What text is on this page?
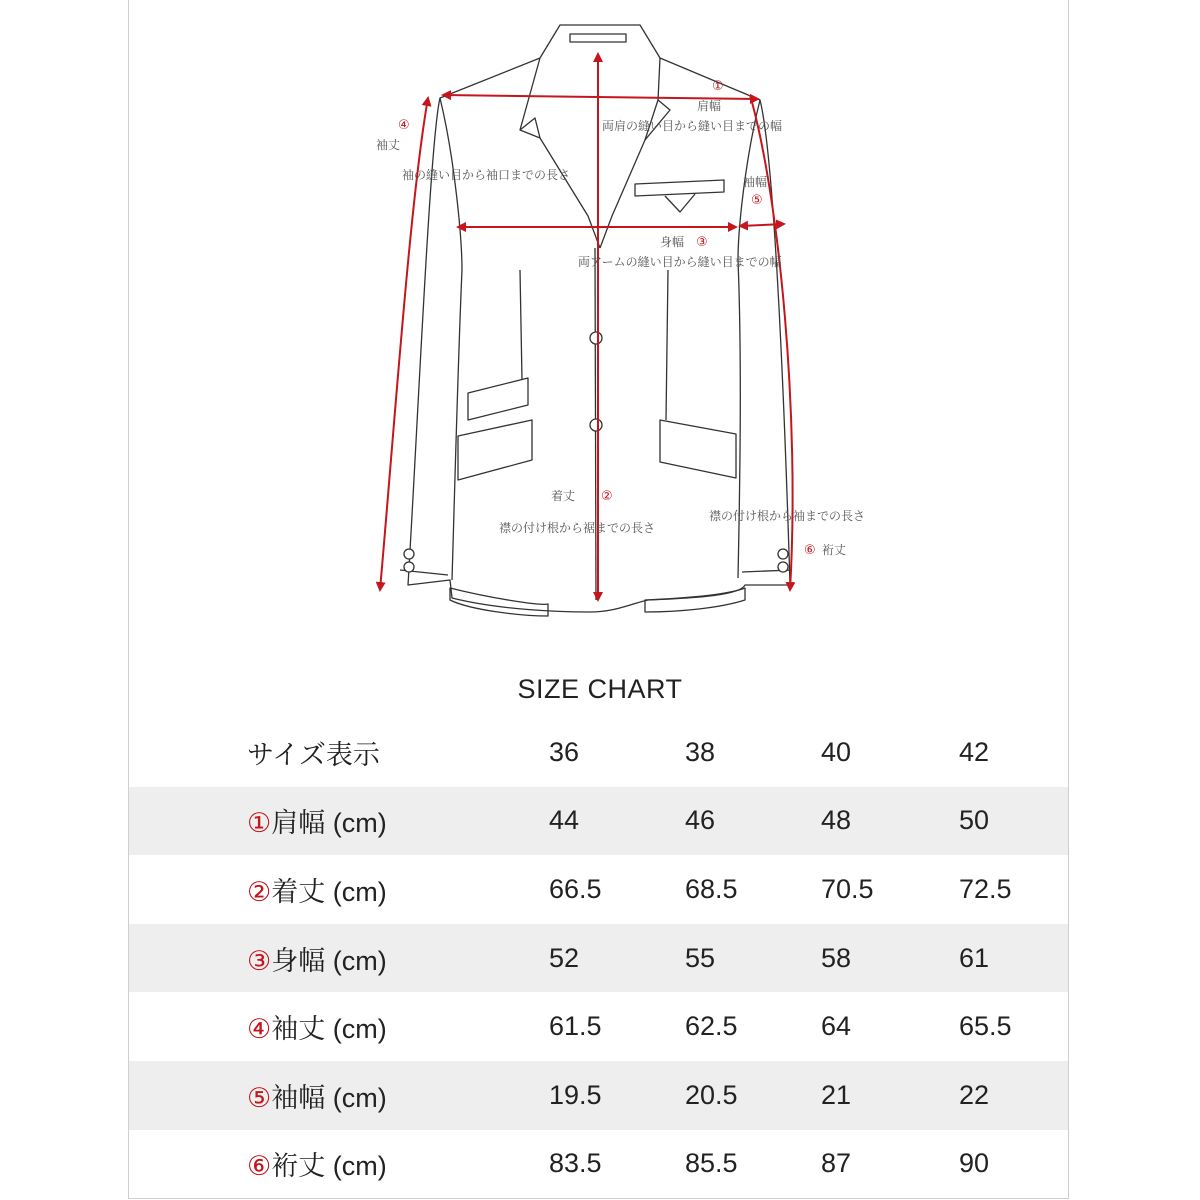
①
肩幅
両肩の縫い目から縫い目までの幅
④
袖丈
袖の縫い目から袖口までの長さ	袖幅
⑤
身幅 ③
両アームの縫い目から縫い目までの幅
着丈 ②
襟の付け根から裾までの長さ
襟の付け根から袖までの長さ
⑥ 裄丈
SIZE CHART
サイズ表示	36	38	40	42
①肩幅 (cm)	44	46	48	50
②着丈 (cm)	66.5	68.5	70.5	72.5
③身幅 (cm)	52	55	58	61
④袖丈 (cm)	61.5	62.5	64	65.5
⑤袖幅 (cm)	19.5	20.5	21	22
⑥裄丈 (cm)	83.5	85.5	87	90
